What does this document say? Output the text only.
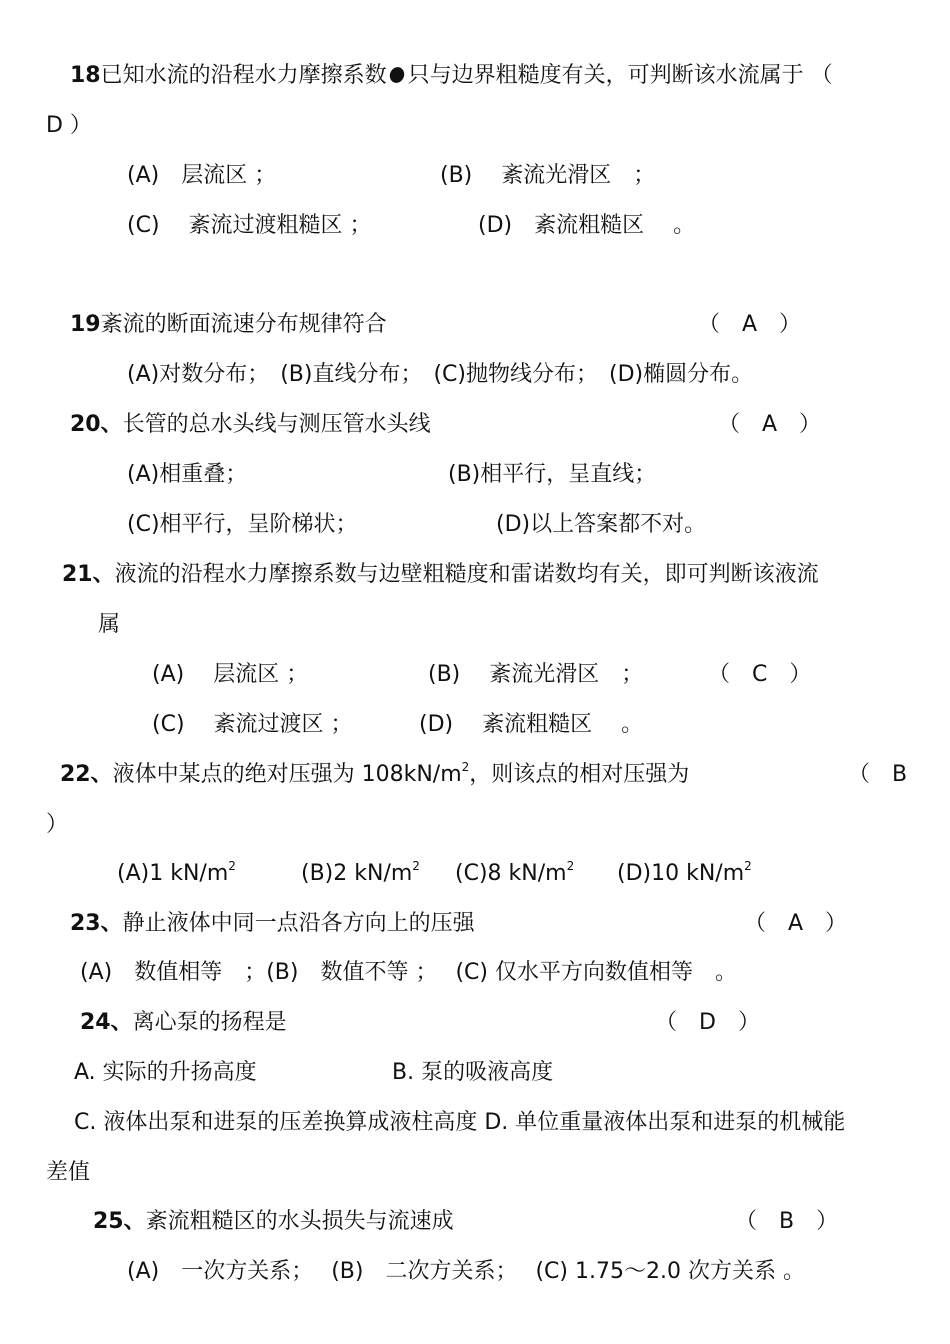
18已知水流的沿程水力摩擦系数 只与边界粗糙度有关，可判断该水流属于 （
D ）
(A)　层流区 ；	(B)　 紊流光滑区　；
(C)　 紊流过渡粗糙区 ；	(D)　紊流粗糙区　 。
19紊流的断面流速分布规律符合	（　A　）
(A)对数分布；　(B)直线分布；　(C)抛物线分布；　(D)椭圆分布。
20、长管的总水头线与测压管水头线	（　A　）
(A)相重叠；	(B)相平行，呈直线；
(C)相平行，呈阶梯状；	(D)以上答案都不对。
21、液流的沿程水力摩擦系数与边壁粗糙度和雷诺数均有关，即可判断该液流
属
(A)　 层流区 ；	(B)　 紊流光滑区　；	（　C　）
(C)　 紊流过渡区 ；	(D)　 紊流粗糙区　 。
22、液体中某点的绝对压强为 $108kN/m^2$，则该点的相对压强为	（　B
）
(A)1 $kN/m^2$	(B)2 $kN/m^2$ (C)8 $kN/m^2$ (D)10 $kN/m^2$
23、静止液体中同一点沿各方向上的压强	（　A　）
(A)　数值相等　；(B)　数值不等 ；　 (C) 仅水平方向数值相等　。
24、离心泵的扬程是	（　D　）
A. 实际的升扬高度	B. 泵的吸液高度
C. 液体出泵和进泵的压差换算成液柱高度 D. 单位重量液体出泵和进泵的机械能
差值
25、紊流粗糙区的水头损失与流速成	（　B　）
(A)　一次方关系；　 (B)　二次方关系；　 (C) 1.75～2.0 次方关系 。
